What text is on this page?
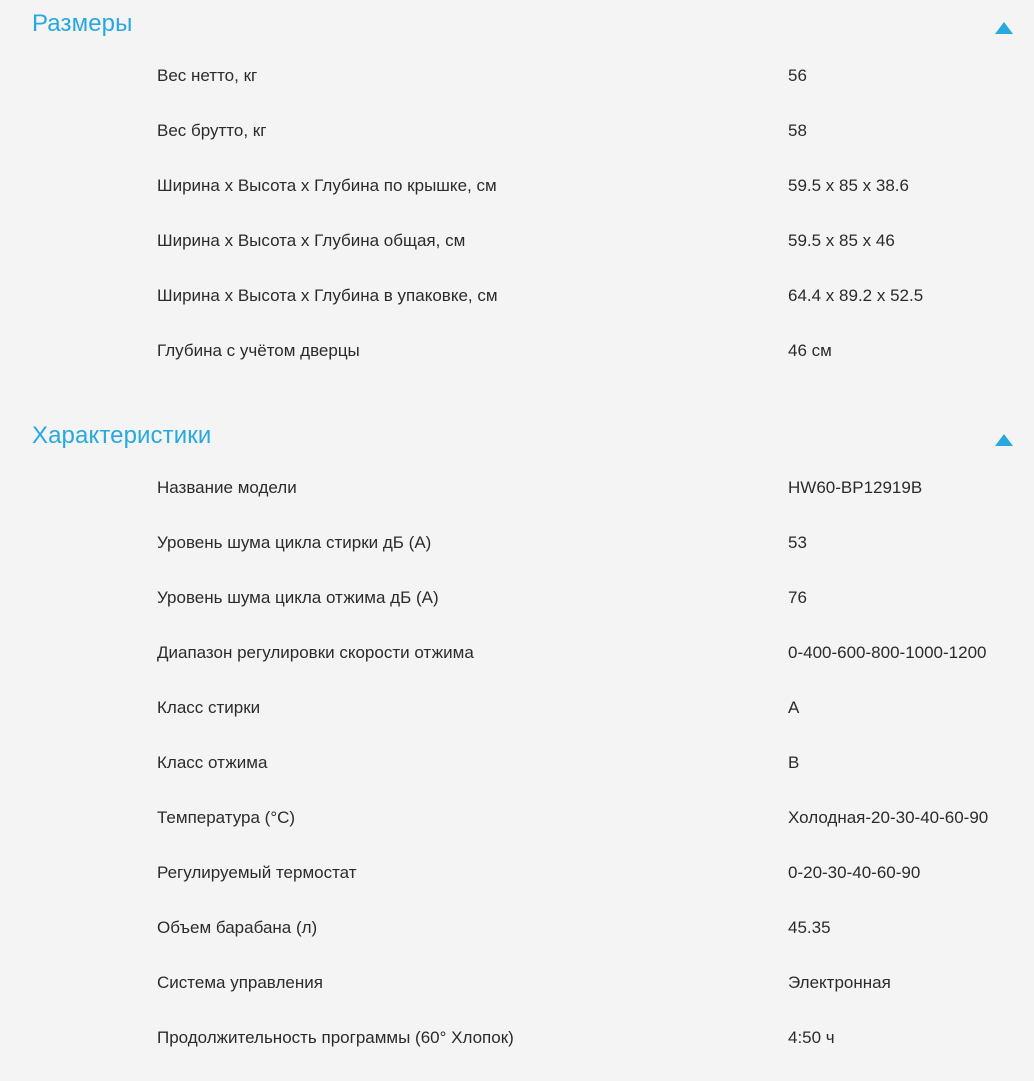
Размеры
Вес нетто, кг	56
Вес брутто, кг	58
Ширина x Высота x Глубина по крышке, см	59.5 x 85 x 38.6
Ширина x Высота x Глубина общая, см	59.5 x 85 x 46
Ширина x Высота x Глубина в упаковке, см	64.4 x 89.2 x 52.5
Глубина с учётом дверцы	46 см
Характеристики
Название модели	HW60-BP12919B
Уровень шума цикла стирки дБ (А)	53
Уровень шума цикла отжима дБ (А)	76
Диапазон регулировки скорости отжима	0-400-600-800-1000-1200
Класс стирки	A
Класс отжима	B
Температура (°C)	Холодная-20-30-40-60-90
Регулируемый термостат	0-20-30-40-60-90
Объем барабана (л)	45.35
Система управления	Электронная
Продолжительность программы (60° Хлопок)	4:50 ч
